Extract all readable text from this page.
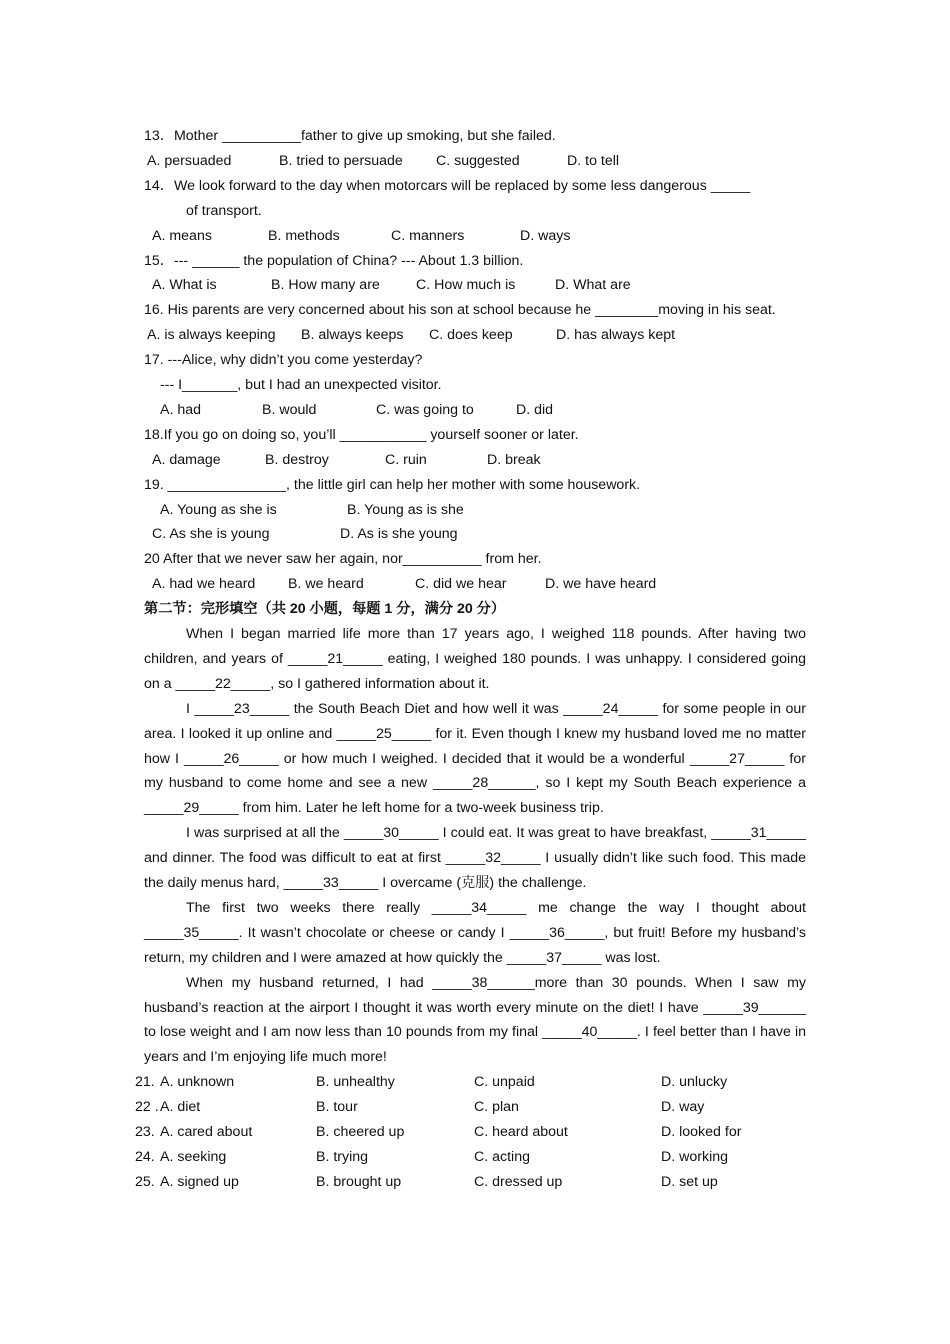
13．Mother __________father to give up smoking, but she failed.
A. persuaded	B. tried to persuade C. suggested	D. to tell
14．We look forward to the day when motorcars will be replaced by some less dangerous _____
of transport.
A. means	B. methods	C. manners	D. ways
15．--- ______ the population of China? --- About 1.3 billion.
A. What is	B. How many are	C. How much is	D. What are
16. His parents are very concerned about his son at school because he ________moving in his seat.
A. is always keeping B. always keeps C. does keep	D. has always kept
17. ---Alice, why didn’t you come yesterday?
--- I_______, but I had an unexpected visitor.
A. had	B. would	C. was going to	D. did
18.If you go on doing so, you’ll ___________ yourself sooner or later.
A. damage	B. destroy	C. ruin	D. break
19. _______________, the little girl can help her mother with some housework.
A. Young as she is	B. Young as is she
C. As she is young	D. As is she young
20 After that we never saw her again, nor__________ from her.
A. had we heard B. we heard	C. did we hear	D. we have heard
第二节：完形填空（共 20 小题，每题 1 分，满分 20 分）
When I began married life more than 17 years ago, I weighed 118 pounds. After having two children, and years of _____21_____ eating, I weighed 180 pounds. I was unhappy. I considered going on a _____22_____, so I gathered information about it.
I _____23_____ the South Beach Diet and how well it was _____24_____ for some people in our area. I looked it up online and _____25_____ for it. Even though I knew my husband loved me no matter how I _____26_____ or how much I weighed. I decided that it would be a wonderful _____27_____ for my husband to come home and see a new _____28______, so I kept my South Beach experience a _____29_____ from him. Later he left home for a two-week business trip.
I was surprised at all the _____30_____ I could eat. It was great to have breakfast, _____31_____ and dinner. The food was difficult to eat at first _____32_____ I usually didn’t like such food. This made the daily menus hard, _____33_____ I overcame (克服) the challenge.
The first two weeks there really _____34_____ me change the way I thought about _____35_____. It wasn’t chocolate or cheese or candy I _____36_____, but fruit! Before my husband’s return, my children and I were amazed at how quickly the _____37_____ was lost.
When my husband returned, I had _____38______more than 30 pounds. When I saw my husband’s reaction at the airport I thought it was worth every minute on the diet! I have _____39______ to lose weight and I am now less than 10 pounds from my final _____40_____. I feel better than I have in years and I’m enjoying life much more!
21. A. unknown	B. unhealthy	C. unpaid	D. unlucky
22 . A. diet	B. tour	C. plan	D. way
23. A. cared about	B. cheered up	C. heard about	D. looked for
24. A. seeking	B. trying	C. acting	D. working
25. A. signed up	B. brought up	C. dressed up	D. set up
